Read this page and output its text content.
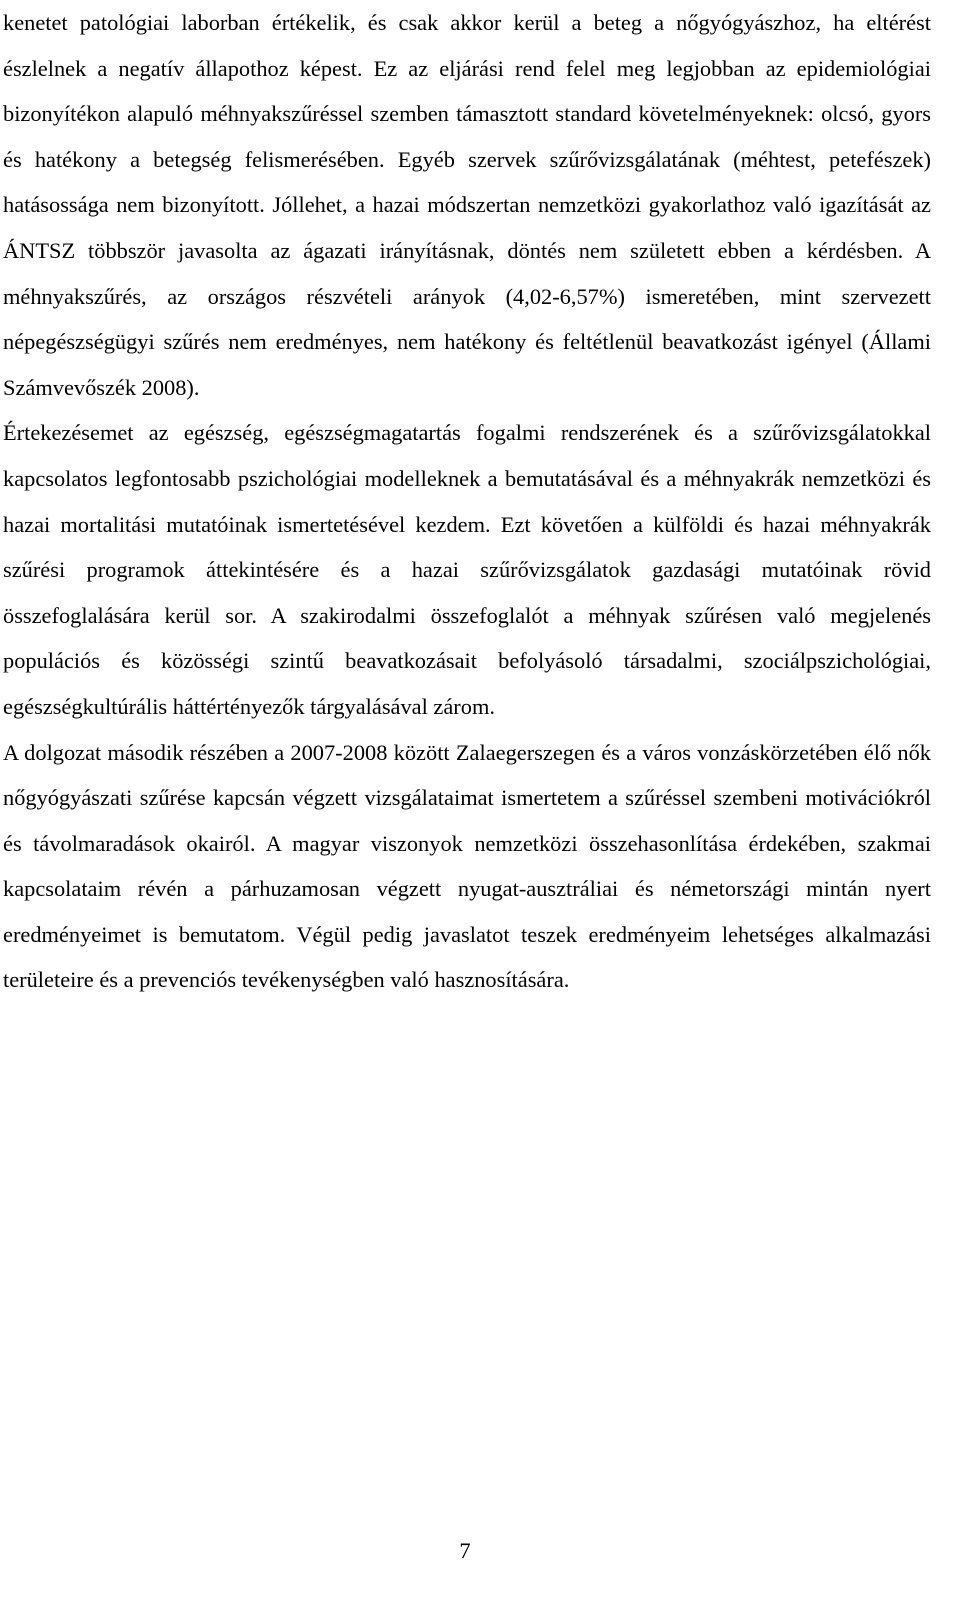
kenetet patológiai laborban értékelik, és csak akkor kerül a beteg a nőgyógyászhoz, ha eltérést észlelnek a negatív állapothoz képest. Ez az eljárási rend felel meg legjobban az epidemiológiai bizonyítékon alapuló méhnyakszűréssel szemben támasztott standard követelményeknek: olcsó, gyors és hatékony a betegség felismerésében. Egyéb szervek szűrővizsgálatának (méhtest, petefészek) hatásossága nem bizonyított. Jóllehet, a hazai módszertan nemzetközi gyakorlathoz való igazítását az ÁNTSZ többször javasolta az ágazati irányításnak, döntés nem született ebben a kérdésben. A méhnyakszűrés, az országos részvételi arányok (4,02-6,57%) ismeretében, mint szervezett népegészségügyi szűrés nem eredményes, nem hatékony és feltétlenül beavatkozást igényel (Állami Számvevőszék 2008).

Értekezésemet az egészség, egészségmagatartás fogalmi rendszerének és a szűrővizsgálatokkal kapcsolatos legfontosabb pszichológiai modelleknek a bemutatásával és a méhnyakrák nemzetközi és hazai mortalitási mutatóinak ismertetésével kezdem. Ezt követően a külföldi és hazai méhnyakrák szűrési programok áttekintésére és a hazai szűrővizsgálatok gazdasági mutatóinak rövid összefoglalására kerül sor. A szakirodalmi összefoglalót a méhnyak szűrésen való megjelenés populációs és közösségi szintű beavatkozásait befolyásoló társadalmi, szociálpszichológiai, egészségkultúrális háttértényezők tárgyalásával zárom.

A dolgozat második részében a 2007-2008 között Zalaegerszegen és a város vonzáskörzetében élő nők nőgyógyászati szűrése kapcsán végzett vizsgálataimat ismertetem a szűréssel szembeni motivációkról és távolmaradások okairól. A magyar viszonyok nemzetközi összehasonlítása érdekében, szakmai kapcsolataim révén a párhuzamosan végzett nyugat-ausztráliai és németországi mintán nyert eredményeimet is bemutatom. Végül pedig javaslatot teszek eredményeim lehetséges alkalmazási területeire és a prevenciós tevékenységben való hasznosítására.

7
